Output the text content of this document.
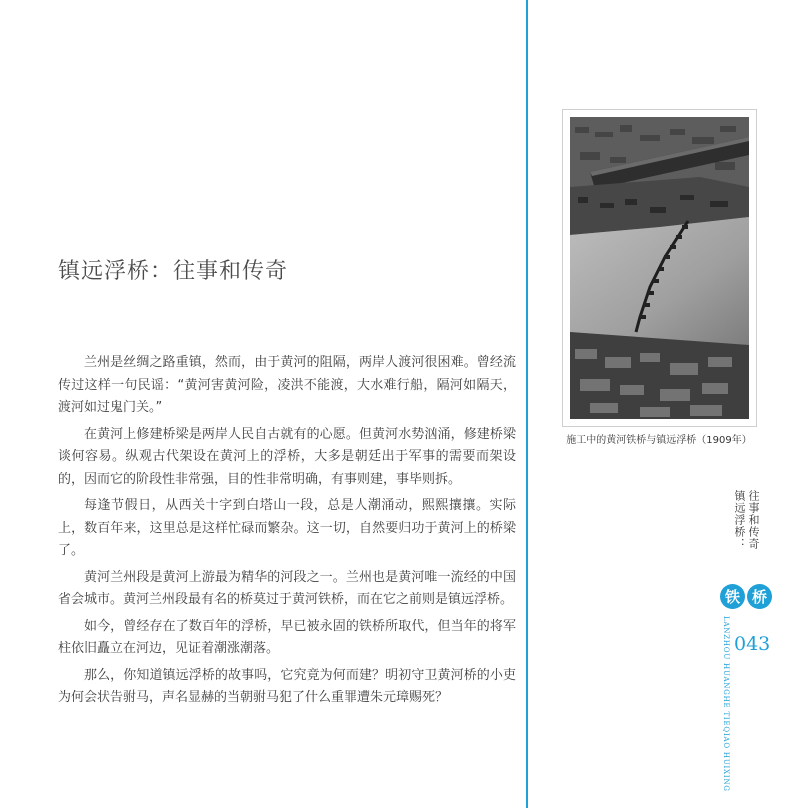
镇远浮桥：往事和传奇

兰州是丝绸之路重镇，然而，由于黄河的阻隔，两岸人渡河很困难。曾经流传过这样一句民谣：“黄河害黄河险，凌洪不能渡，大水难行船，隔河如隔天，渡河如过鬼门关。”

在黄河上修建桥梁是两岸人民自古就有的心愿。但黄河水势汹涌，修建桥梁谈何容易。纵观古代架设在黄河上的浮桥，大多是朝廷出于军事的需要而架设的，因而它的阶段性非常强，目的性非常明确，有事则建，事毕则拆。

每逢节假日，从西关十字到白塔山一段，总是人潮涌动，熙熙攘攘。实际上，数百年来，这里总是这样忙碌而繁杂。这一切，自然要归功于黄河上的桥梁了。

黄河兰州段是黄河上游最为精华的河段之一。兰州也是黄河唯一流经的中国省会城市。黄河兰州段最有名的桥莫过于黄河铁桥，而在它之前则是镇远浮桥。

如今，曾经存在了数百年的浮桥，早已被永固的铁桥所取代，但当年的将军柱依旧矗立在河边，见证着潮涨潮落。

那么，你知道镇远浮桥的故事吗，它究竟为何而建？明初守卫黄河桥的小吏为何会状告驸马，声名显赫的当朝驸马犯了什么重罪遭朱元璋赐死？

施工中的黄河铁桥与镇远浮桥（1909年）
镇远浮桥： 往事和传奇
铁 桥
LANZHOU HUANGHE TIEQIAO HUIXING 043
